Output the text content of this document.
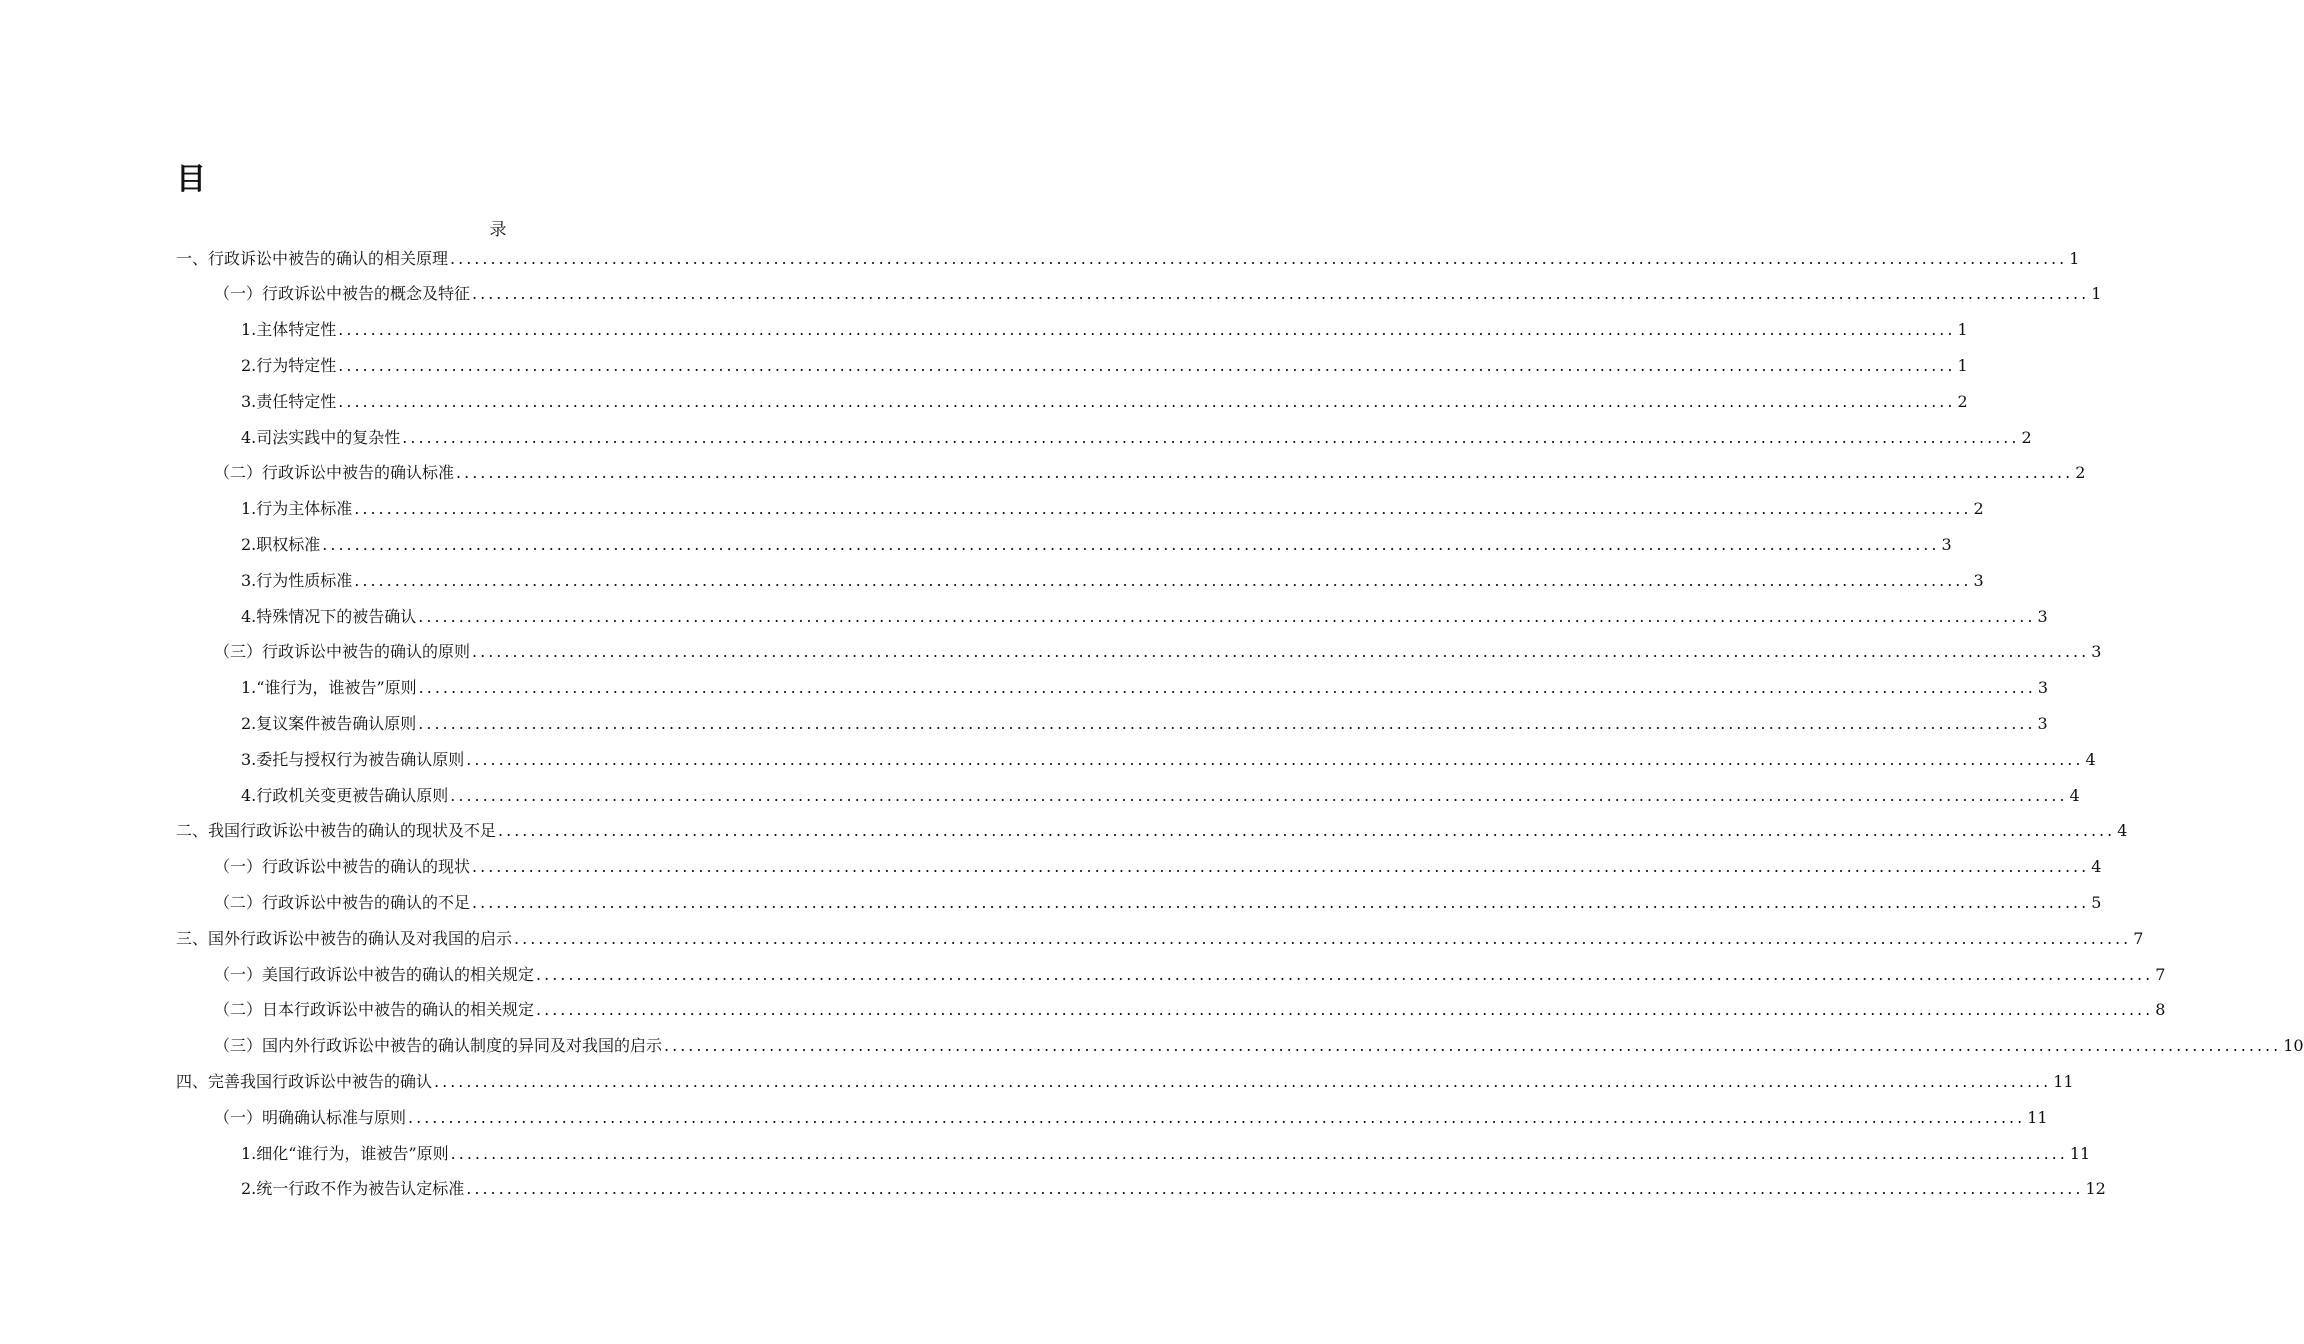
目
录
一、行政诉讼中被告的确认的相关原理 ........................................................................................................................................................................................................ 1
（一）行政诉讼中被告的概念及特征 ........................................................................................................................................................................................................ 1
1.主体特定性 ........................................................................................................................................................................................................ 1
2.行为特定性 ........................................................................................................................................................................................................ 1
3.责任特定性 ........................................................................................................................................................................................................ 2
4.司法实践中的复杂性 ........................................................................................................................................................................................................ 2
（二）行政诉讼中被告的确认标准 ........................................................................................................................................................................................................ 2
1.行为主体标准 ........................................................................................................................................................................................................ 2
2.职权标准 ........................................................................................................................................................................................................ 3
3.行为性质标准 ........................................................................................................................................................................................................ 3
4.特殊情况下的被告确认 ........................................................................................................................................................................................................ 3
（三）行政诉讼中被告的确认的原则 ........................................................................................................................................................................................................ 3
1.“谁行为，谁被告”原则 ........................................................................................................................................................................................................ 3
2.复议案件被告确认原则 ........................................................................................................................................................................................................ 3
3.委托与授权行为被告确认原则 ........................................................................................................................................................................................................ 4
4.行政机关变更被告确认原则 ........................................................................................................................................................................................................ 4
二、我国行政诉讼中被告的确认的现状及不足 ........................................................................................................................................................................................................ 4
（一）行政诉讼中被告的确认的现状 ........................................................................................................................................................................................................ 4
（二）行政诉讼中被告的确认的不足 ........................................................................................................................................................................................................ 5
三、国外行政诉讼中被告的确认及对我国的启示 ........................................................................................................................................................................................................ 7
（一）美国行政诉讼中被告的确认的相关规定 ........................................................................................................................................................................................................ 7
（二）日本行政诉讼中被告的确认的相关规定 ........................................................................................................................................................................................................ 8
（三）国内外行政诉讼中被告的确认制度的异同及对我国的启示 ........................................................................................................................................................................................................ 10
四、完善我国行政诉讼中被告的确认 ........................................................................................................................................................................................................ 11
（一）明确确认标准与原则 ........................................................................................................................................................................................................ 11
1.细化“谁行为，谁被告”原则 ........................................................................................................................................................................................................ 11
2.统一行政不作为被告认定标准 ........................................................................................................................................................................................................ 12
